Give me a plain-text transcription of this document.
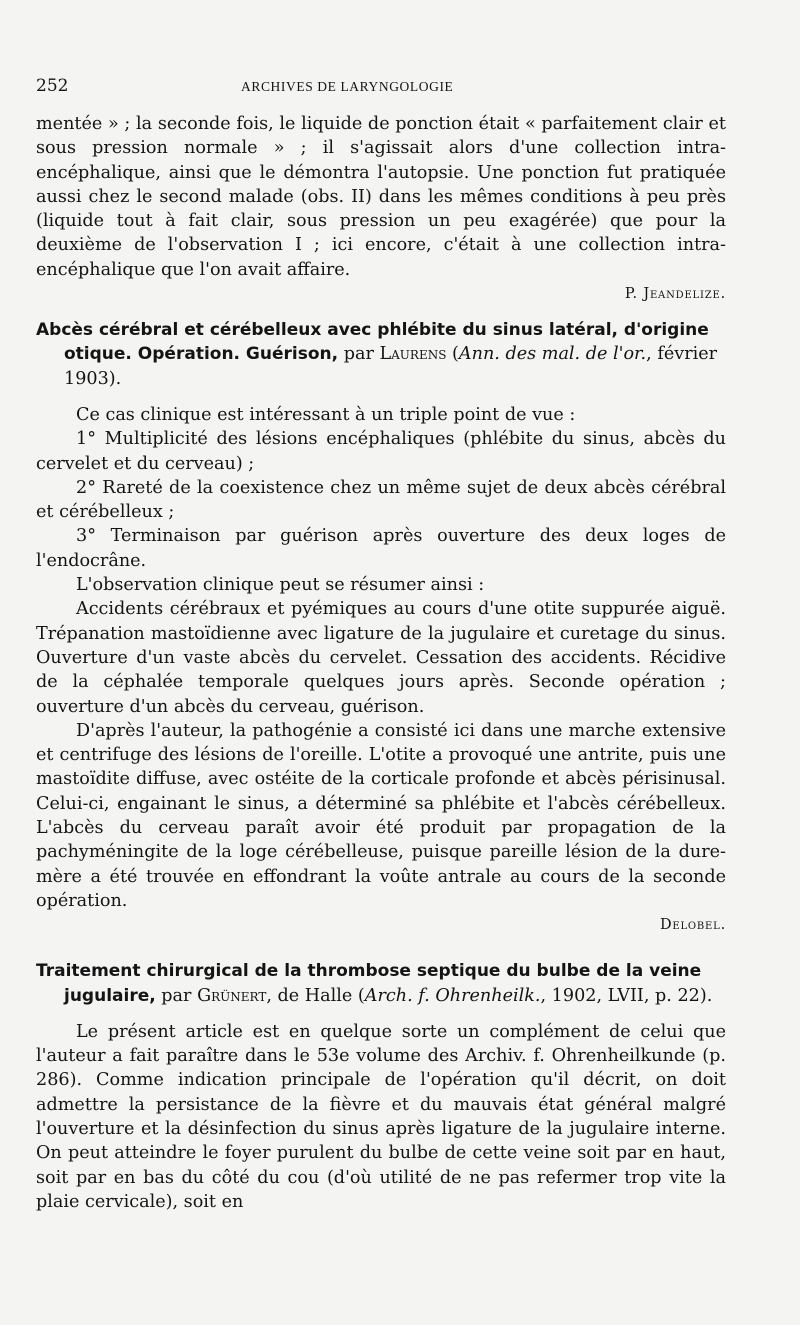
252	ARCHIVES DE LARYNGOLOGIE

mentée » ; la seconde fois, le liquide de ponction était « parfaitement clair et sous pression normale » ; il s'agissait alors d'une collection intra-encéphalique, ainsi que le démontra l'autopsie. Une ponction fut pratiquée aussi chez le second malade (obs. II) dans les mêmes conditions à peu près (liquide tout à fait clair, sous pression un peu exagérée) que pour la deuxième de l'observation I ; ici encore, c'était à une collection intra-encéphalique que l'on avait affaire.

P. Jeandelize.
Abcès cérébral et cérébelleux avec phlébite du sinus latéral, d'origine otique. Opération. Guérison, par Laurens (Ann. des mal. de l'or., février 1903).

Ce cas clinique est intéressant à un triple point de vue :

1° Multiplicité des lésions encéphaliques (phlébite du sinus, abcès du cervelet et du cerveau) ;

2° Rareté de la coexistence chez un même sujet de deux abcès cérébral et cérébelleux ;

3° Terminaison par guérison après ouverture des deux loges de l'endocrâne.

L'observation clinique peut se résumer ainsi :

Accidents cérébraux et pyémiques au cours d'une otite suppurée aiguë. Trépanation mastoïdienne avec ligature de la jugulaire et curetage du sinus. Ouverture d'un vaste abcès du cervelet. Cessation des accidents. Récidive de la céphalée temporale quelques jours après. Seconde opération ; ouverture d'un abcès du cerveau, guérison.

D'après l'auteur, la pathogénie a consisté ici dans une marche extensive et centrifuge des lésions de l'oreille. L'otite a provoqué une antrite, puis une mastoïdite diffuse, avec ostéite de la corticale profonde et abcès périsinusal. Celui-ci, engainant le sinus, a déterminé sa phlébite et l'abcès cérébelleux. L'abcès du cerveau paraît avoir été produit par propagation de la pachyméningite de la loge cérébelleuse, puisque pareille lésion de la dure-mère a été trouvée en effondrant la voûte antrale au cours de la seconde opération.

Delobel.
Traitement chirurgical de la thrombose septique du bulbe de la veine jugulaire, par Grünert, de Halle (Arch. f. Ohrenheilk., 1902, LVII, p. 22).

Le présent article est en quelque sorte un complément de celui que l'auteur a fait paraître dans le 53e volume des Archiv. f. Ohrenheilkunde (p. 286). Comme indication principale de l'opération qu'il décrit, on doit admettre la persistance de la fièvre et du mauvais état général malgré l'ouverture et la désinfection du sinus après ligature de la jugulaire interne. On peut atteindre le foyer purulent du bulbe de cette veine soit par en haut, soit par en bas du côté du cou (d'où utilité de ne pas refermer trop vite la plaie cervicale), soit en
